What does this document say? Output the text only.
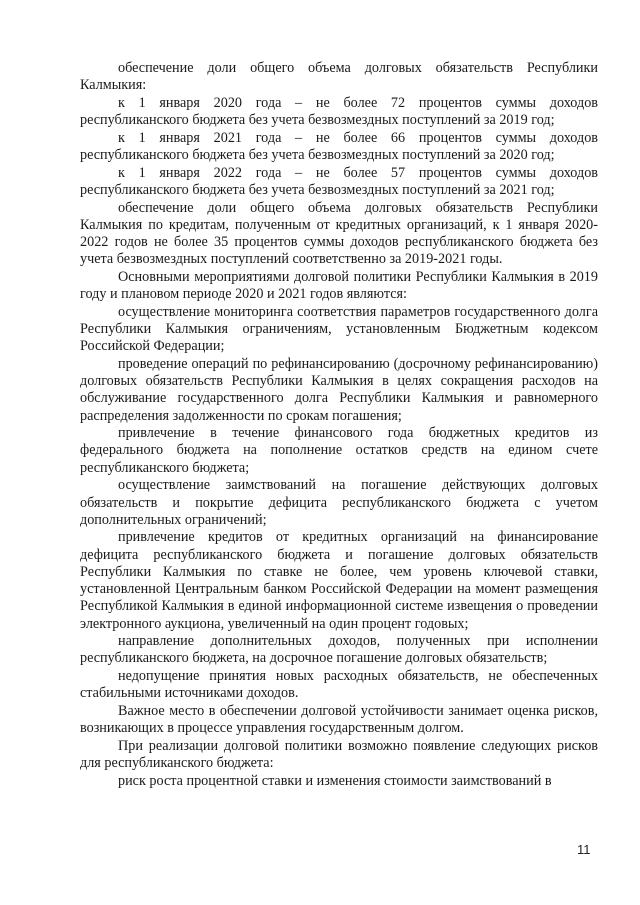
обеспечение доли общего объема долговых обязательств Республики Калмыкия:

к 1 января 2020 года – не более 72 процентов суммы доходов республиканского бюджета без учета безвозмездных поступлений за 2019 год;

к 1 января 2021 года – не более 66 процентов суммы доходов республиканского бюджета без учета безвозмездных поступлений за 2020 год;

к 1 января 2022 года – не более 57 процентов суммы доходов республиканского бюджета без учета безвозмездных поступлений за 2021 год;

обеспечение доли общего объема долговых обязательств Республики Калмыкия по кредитам, полученным от кредитных организаций, к 1 января 2020-2022 годов не более 35 процентов суммы доходов республиканского бюджета без учета безвозмездных поступлений соответственно за 2019-2021 годы.

Основными мероприятиями долговой политики Республики Калмыкия в 2019 году и плановом периоде 2020 и 2021 годов являются:

осуществление мониторинга соответствия параметров государственного долга Республики Калмыкия ограничениям, установленным Бюджетным кодексом Российской Федерации;

проведение операций по рефинансированию (досрочному рефинансированию) долговых обязательств Республики Калмыкия в целях сокращения расходов на обслуживание государственного долга Республики Калмыкия и равномерного распределения задолженности по срокам погашения;

привлечение в течение финансового года бюджетных кредитов из федерального бюджета на пополнение остатков средств на едином счете республиканского бюджета;

осуществление заимствований на погашение действующих долговых обязательств и покрытие дефицита республиканского бюджета с учетом дополнительных ограничений;

привлечение кредитов от кредитных организаций на финансирование дефицита республиканского бюджета и погашение долговых обязательств Республики Калмыкия по ставке не более, чем уровень ключевой ставки, установленной Центральным банком Российской Федерации на момент размещения Республикой Калмыкия в единой информационной системе извещения о проведении электронного аукциона, увеличенный на один процент годовых;

направление дополнительных доходов, полученных при исполнении республиканского бюджета, на досрочное погашение долговых обязательств;

недопущение принятия новых расходных обязательств, не обеспеченных стабильными источниками доходов.

Важное место в обеспечении долговой устойчивости занимает оценка рисков, возникающих в процессе управления государственным долгом.

При реализации долговой политики возможно появление следующих рисков для республиканского бюджета:

риск роста процентной ставки и изменения стоимости заимствований в

11
